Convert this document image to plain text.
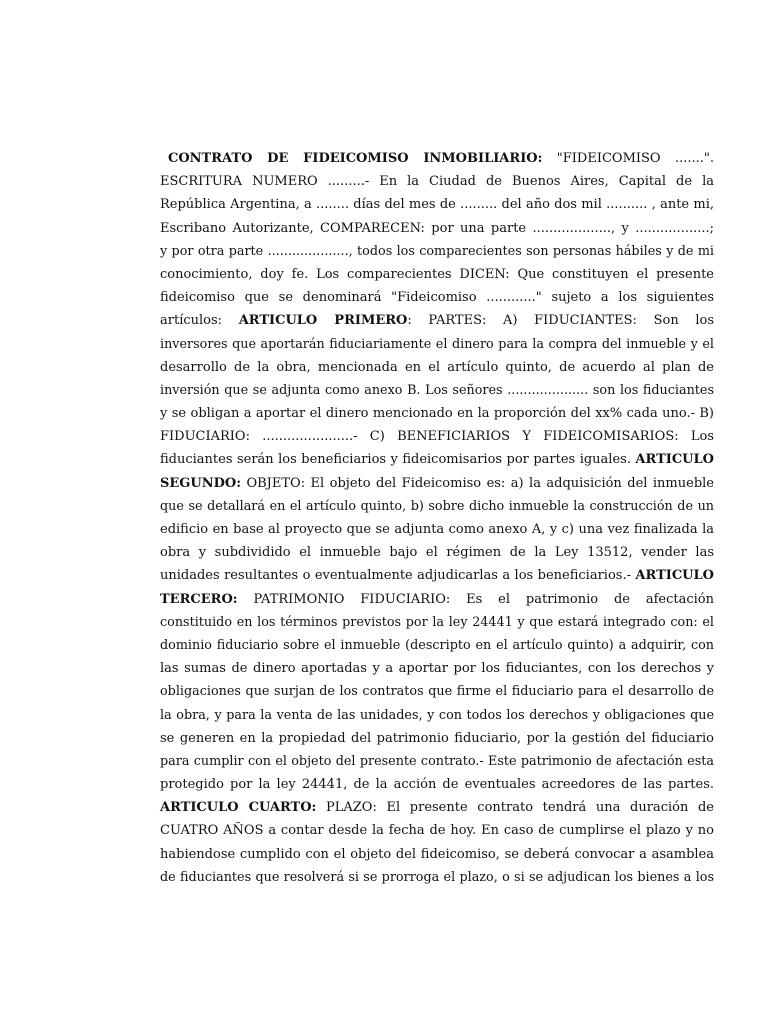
CONTRATO DE FIDEICOMISO INMOBILIARIO: "FIDEICOMISO .......".
ESCRITURA NUMERO .........- En la Ciudad de Buenos Aires, Capital de la
República Argentina, a ........ días del mes de ......... del año dos mil .......... , ante mi,
Escribano Autorizante, COMPARECEN: por una parte ..................., y ..................;
y por otra parte ...................., todos los comparecientes son personas hábiles y de mi
conocimiento, doy fe. Los comparecientes DICEN: Que constituyen el presente
fideicomiso que se denominará "Fideicomiso ............" sujeto a los siguientes
artículos: ARTICULO PRIMERO: PARTES: A) FIDUCIANTES: Son los
inversores que aportarán fiduciariamente el dinero para la compra del inmueble y el
desarrollo de la obra, mencionada en el artículo quinto, de acuerdo al plan de
inversión que se adjunta como anexo B. Los señores .................... son los fiduciantes
y se obligan a aportar el dinero mencionado en la proporción del xx% cada uno.- B)
FIDUCIARIO: ......................- C) BENEFICIARIOS Y FIDEICOMISARIOS: Los
fiduciantes serán los beneficiarios y fideicomisarios por partes iguales. ARTICULO
SEGUNDO: OBJETO: El objeto del Fideicomiso es: a) la adquisición del inmueble
que se detallará en el artículo quinto, b) sobre dicho inmueble la construcción de un
edificio en base al proyecto que se adjunta como anexo A, y c) una vez finalizada la
obra y subdividido el inmueble bajo el régimen de la Ley 13512, vender las
unidades resultantes o eventualmente adjudicarlas a los beneficiarios.- ARTICULO
TERCERO: PATRIMONIO FIDUCIARIO: Es el patrimonio de afectación
constituido en los términos previstos por la ley 24441 y que estará integrado con: el
dominio fiduciario sobre el inmueble (descripto en el artículo quinto) a adquirir, con
las sumas de dinero aportadas y a aportar por los fiduciantes, con los derechos y
obligaciones que surjan de los contratos que firme el fiduciario para el desarrollo de
la obra, y para la venta de las unidades, y con todos los derechos y obligaciones que
se generen en la propiedad del patrimonio fiduciario, por la gestión del fiduciario
para cumplir con el objeto del presente contrato.- Este patrimonio de afectación esta
protegido por la ley 24441, de la acción de eventuales acreedores de las partes.
ARTICULO CUARTO: PLAZO: El presente contrato tendrá una duración de
CUATRO AÑOS a contar desde la fecha de hoy. En caso de cumplirse el plazo y no
habiendose cumplido con el objeto del fideicomiso, se deberá convocar a asamblea
de fiduciantes que resolverá si se prorroga el plazo, o si se adjudican los bienes a los
